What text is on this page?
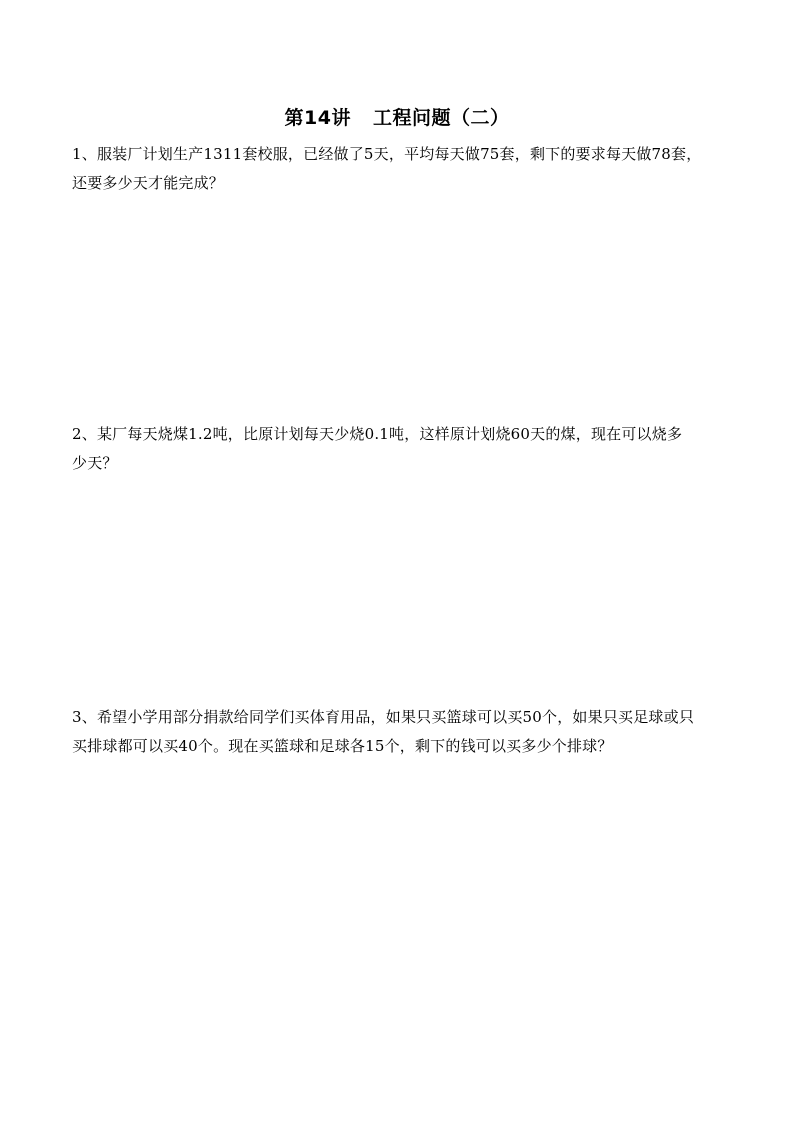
第14讲 工程问题（二）
1、服装厂计划生产1311套校服，已经做了5天，平均每天做75套，剩下的要求每天做78套，
还要多少天才能完成？
2、某厂每天烧煤1.2吨，比原计划每天少烧0.1吨，这样原计划烧60天的煤，现在可以烧多
少天？
3、希望小学用部分捐款给同学们买体育用品，如果只买篮球可以买50个，如果只买足球或只
买排球都可以买40个。现在买篮球和足球各15个，剩下的钱可以买多少个排球？
